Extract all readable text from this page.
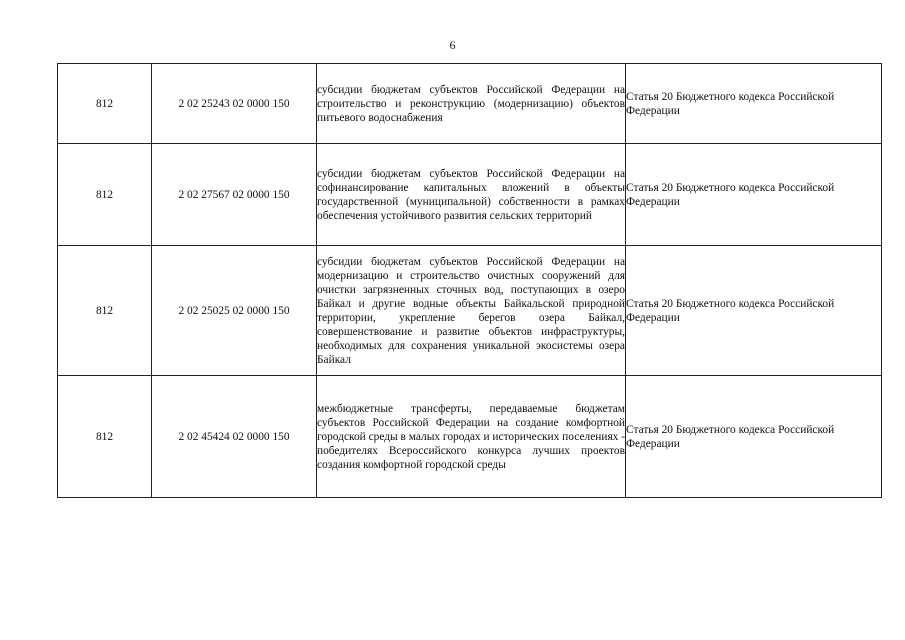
6
812	2 02 25243 02 0000 150	субсидии бюджетам субъектов Российской Федерации на строительство и реконструкцию (модернизацию) объектов питьевого водоснабжения	Статья 20 Бюджетного кодекса Российской Федерации
812	2 02 27567 02 0000 150	субсидии бюджетам субъектов Российской Федерации на софинансирование капитальных вложений в объекты государственной (муниципальной) собственности в рамках обеспечения устойчивого развития сельских территорий	Статья 20 Бюджетного кодекса Российской Федерации
812	2 02 25025 02 0000 150	субсидии бюджетам субъектов Российской Федерации на модернизацию и строительство очистных сооружений для очистки загрязненных сточных вод, поступающих в озеро Байкал и другие водные объекты Байкальской природной территории, укрепление берегов озера Байкал, совершенствование и развитие объектов инфраструктуры, необходимых для сохранения уникальной экосистемы озера Байкал	Статья 20 Бюджетного кодекса Российской Федерации
812	2 02 45424 02 0000 150	межбюджетные трансферты, передаваемые бюджетам субъектов Российской Федерации на создание комфортной городской среды в малых городах и исторических поселениях - победителях Всероссийского конкурса лучших проектов создания комфортной городской среды	Статья 20 Бюджетного кодекса Российской Федерации
